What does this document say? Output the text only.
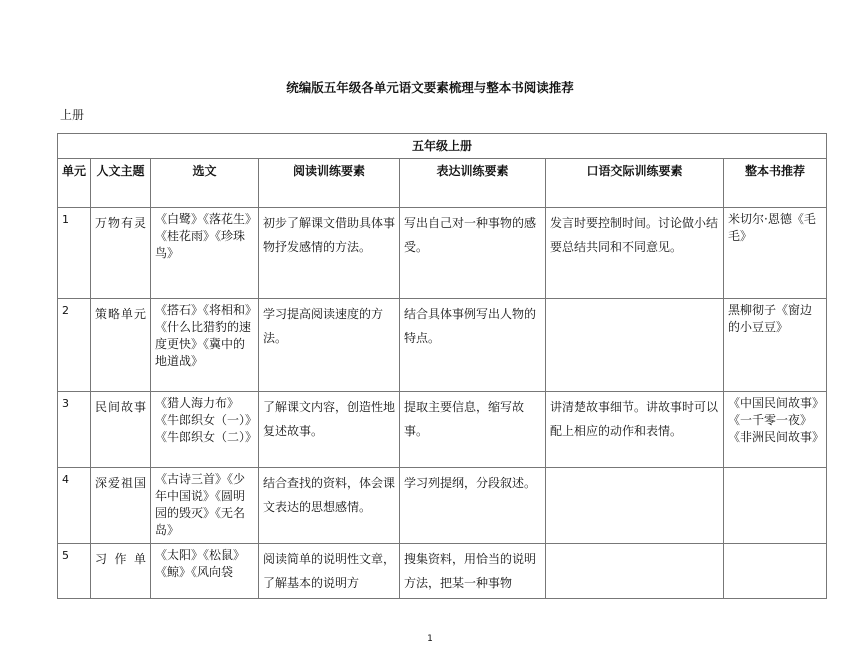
统编版五年级各单元语文要素梳理与整本书阅读推荐
上册
五年级上册						
单元	人文主题	选文	阅读训练要素	表达训练要素	口语交际训练要素	整本书推荐
1	万物有灵	《白鹭》《落花生》《桂花雨》《珍珠鸟》	初步了解课文借助具体事物抒发感情的方法。	写出自己对一种事物的感受。	发言时要控制时间。讨论做小结要总结共同和不同意见。	米切尔·恩德《毛毛》
2	策略单元	《搭石》《将相和》《什么比猎豹的速度更快》《冀中的地道战》	学习提高阅读速度的方法。	结合具体事例写出人物的特点。		黑柳彻子《窗边的小豆豆》
3	民间故事	《猎人海力布》《牛郎织女（一）》《牛郎织女（二）》	了解课文内容，创造性地复述故事。	提取主要信息，缩写故事。	讲清楚故事细节。讲故事时可以配上相应的动作和表情。	《中国民间故事》《一千零一夜》《非洲民间故事》
4	深爱祖国	《古诗三首》《少年中国说》《圆明园的毁灭》《无名岛》	结合查找的资料，体会课文表达的思想感情。	学习列提纲，分段叙述。		
5	习作单	《太阳》《松鼠》《鲸》《风向袋	阅读简单的说明性文章，了解基本的说明方	搜集资料，用恰当的说明方法，把某一种事物		
1
